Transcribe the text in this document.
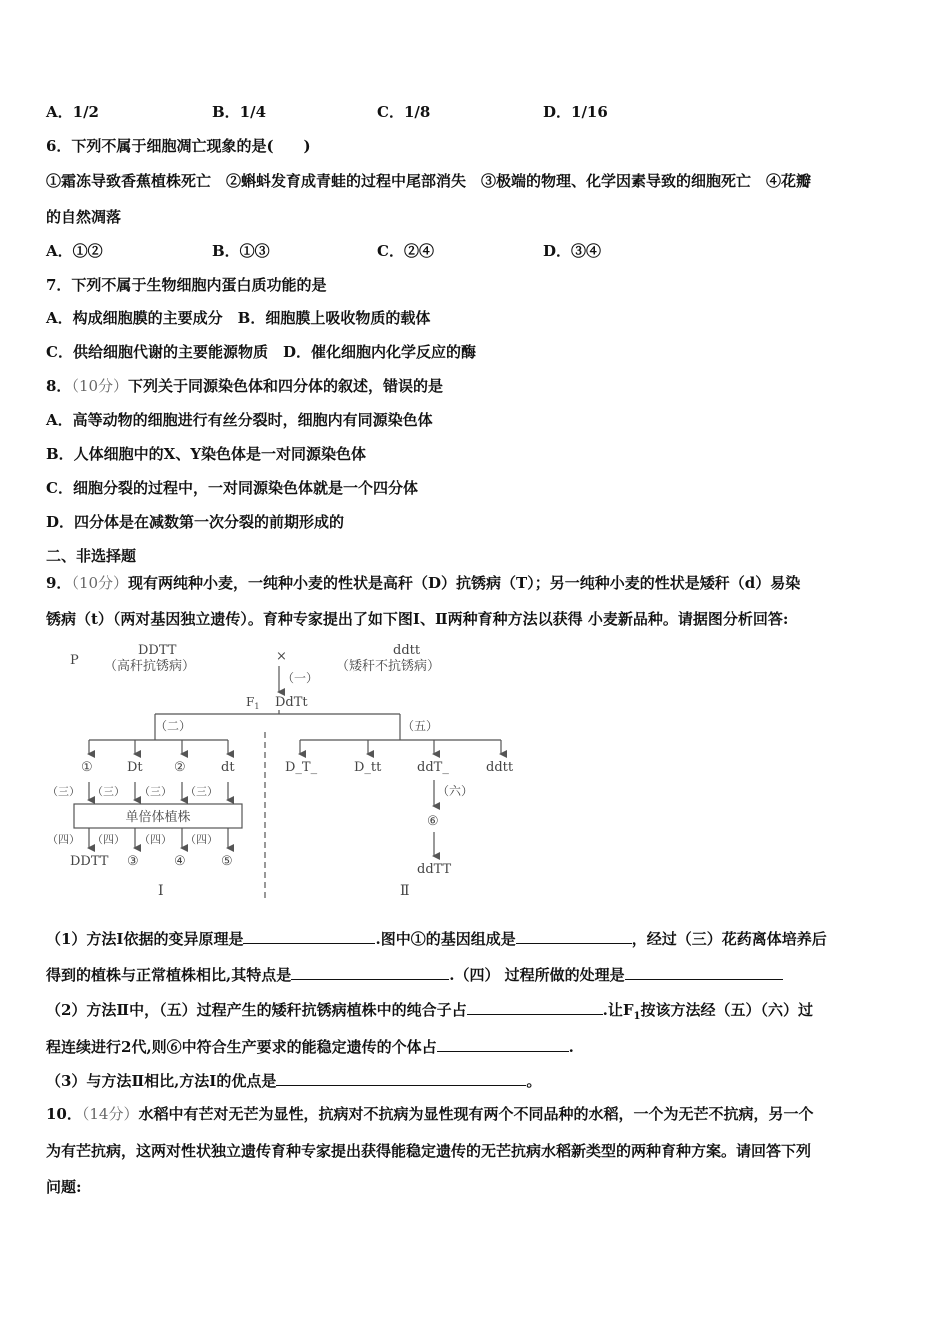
A．1/2	B．1/4	C．1/8	D．1/16
6．下列不属于细胞凋亡现象的是(　　)
①霜冻导致香蕉植株死亡　②蝌蚪发育成青蛙的过程中尾部消失　③极端的物理、化学因素导致的细胞死亡　④花瓣
的自然凋落
A．①②	B．①③	C．②④	D．③④
7．下列不属于生物细胞内蛋白质功能的是
A．构成细胞膜的主要成分　B．细胞膜上吸收物质的载体
C．供给细胞代谢的主要能源物质　D．催化细胞内化学反应的酶
8．（10分）下列关于同源染色体和四分体的叙述，错误的是
A．高等动物的细胞进行有丝分裂时，细胞内有同源染色体
B．人体细胞中的X、Y染色体是一对同源染色体
C．细胞分裂的过程中，一对同源染色体就是一个四分体
D．四分体是在减数第一次分裂的前期形成的
二、非选择题
9．（10分）现有两纯种小麦，一纯种小麦的性状是高秆（D）抗锈病（T）；另一纯种小麦的性状是矮秆（d）易染
锈病（t）（两对基因独立遗传）。育种专家提出了如下图Ⅰ、Ⅱ两种育种方法以获得 小麦新品种。请据图分析回答:
P
DDTT
（高秆抗锈病）
×	ddtt
（矮秆不抗锈病）
（一）
$F_1$ DdTt
（二）	（五）
①	Dt ②	dt
（三） （三） （三） （三）
单倍体植株
（四） （四） （四） （四）
DDTT ③	④	⑤
Ⅰ
D_T_	D_tt	ddT_	ddtt
（六）
⑥
ddTT
Ⅱ
（1）方法Ⅰ依据的变异原理是	.图中①的基因组成是	，经过（三）花药离体培养后
得到的植株与正常植株相比,其特点是	.（四） 过程所做的处理是
（2）方法Ⅱ中，（五）过程产生的矮秆抗锈病植株中的纯合子占	.让$F_1$按该方法经（五）（六）过
程连续进行2代,则⑥中符合生产要求的能稳定遗传的个体占	.
（3）与方法Ⅱ相比,方法Ⅰ的优点是	。
10．（14分）水稻中有芒对无芒为显性，抗病对不抗病为显性现有两个不同品种的水稻，一个为无芒不抗病，另一个
为有芒抗病，这两对性状独立遗传育种专家提出获得能稳定遗传的无芒抗病水稻新类型的两种育种方案。请回答下列
问题:
